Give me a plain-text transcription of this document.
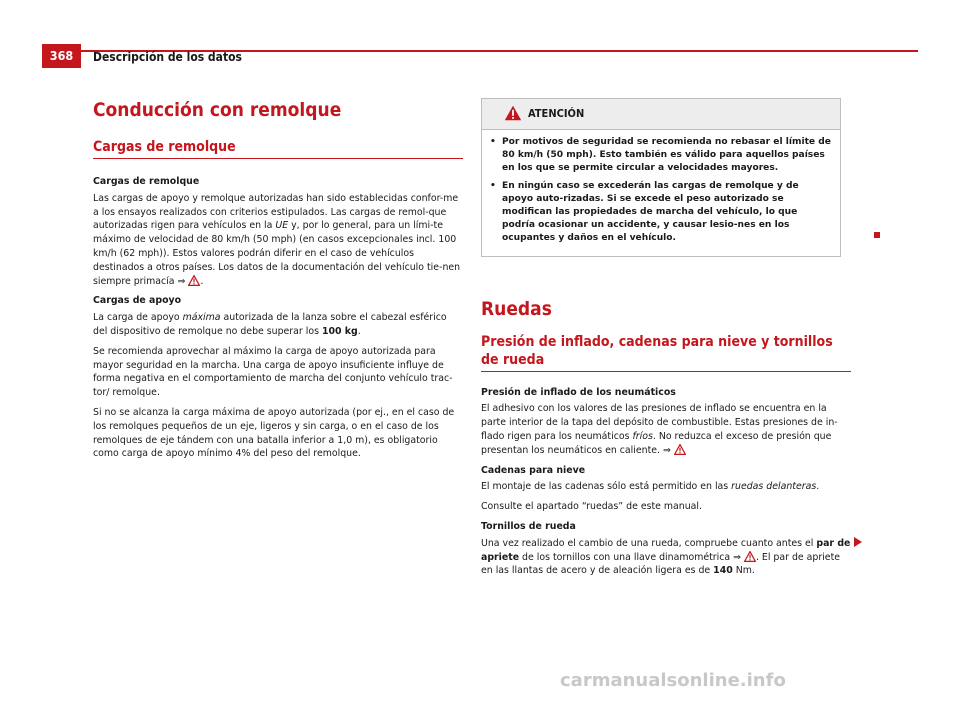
368	Descripción de los datos
Conducción con remolque
Cargas de remolque
Cargas de remolque

Las cargas de apoyo y remolque autorizadas han sido establecidas confor-me a los ensayos realizados con criterios estipulados. Las cargas de remol-que autorizadas rigen para vehículos en la UE y, por lo general, para un lími-te máximo de velocidad de 80 km/h (50 mph) (en casos excepcionales incl. 100 km/h (62 mph)). Estos valores podrán diferir en el caso de vehículos destinados a otros países. Los datos de la documentación del vehículo tie-nen siempre primacía ⇒ .

Cargas de apoyo

La carga de apoyo máxima autorizada de la lanza sobre el cabezal esférico del dispositivo de remolque no debe superar los 100 kg.

Se recomienda aprovechar al máximo la carga de apoyo autorizada para mayor seguridad en la marcha. Una carga de apoyo insuficiente influye de forma negativa en el comportamiento de marcha del conjunto vehículo trac-tor/ remolque.

Si no se alcanza la carga máxima de apoyo autorizada (por ej., en el caso de los remolques pequeños de un eje, ligeros y sin carga, o en el caso de los remolques de eje tándem con una batalla inferior a 1,0 m), es obligatorio como carga de apoyo mínimo 4% del peso del remolque.

ATENCIÓN
• Por motivos de seguridad se recomienda no rebasar el límite de 80 km/h (50 mph). Esto también es válido para aquellos países en los que se permite circular a velocidades mayores.
• En ningún caso se excederán las cargas de remolque y de apoyo auto-rizadas. Si se excede el peso autorizado se modifican las propiedades de marcha del vehículo, lo que podría ocasionar un accidente, y causar lesio-nes en los ocupantes y daños en el vehículo.
Ruedas
Presión de inflado, cadenas para nieve y tornillos de rueda
Presión de inflado de los neumáticos

El adhesivo con los valores de las presiones de inflado se encuentra en la parte interior de la tapa del depósito de combustible. Estas presiones de in-flado rigen para los neumáticos fríos. No reduzca el exceso de presión que presentan los neumáticos en caliente. ⇒

Cadenas para nieve

El montaje de las cadenas sólo está permitido en las ruedas delanteras.

Consulte el apartado “ruedas” de este manual.

Tornillos de rueda

Una vez realizado el cambio de una rueda, compruebe cuanto antes el par de apriete de los tornillos con una llave dinamométrica ⇒ . El par de apriete en las llantas de acero y de aleación ligera es de 140 Nm.

carmanualsonline.info
